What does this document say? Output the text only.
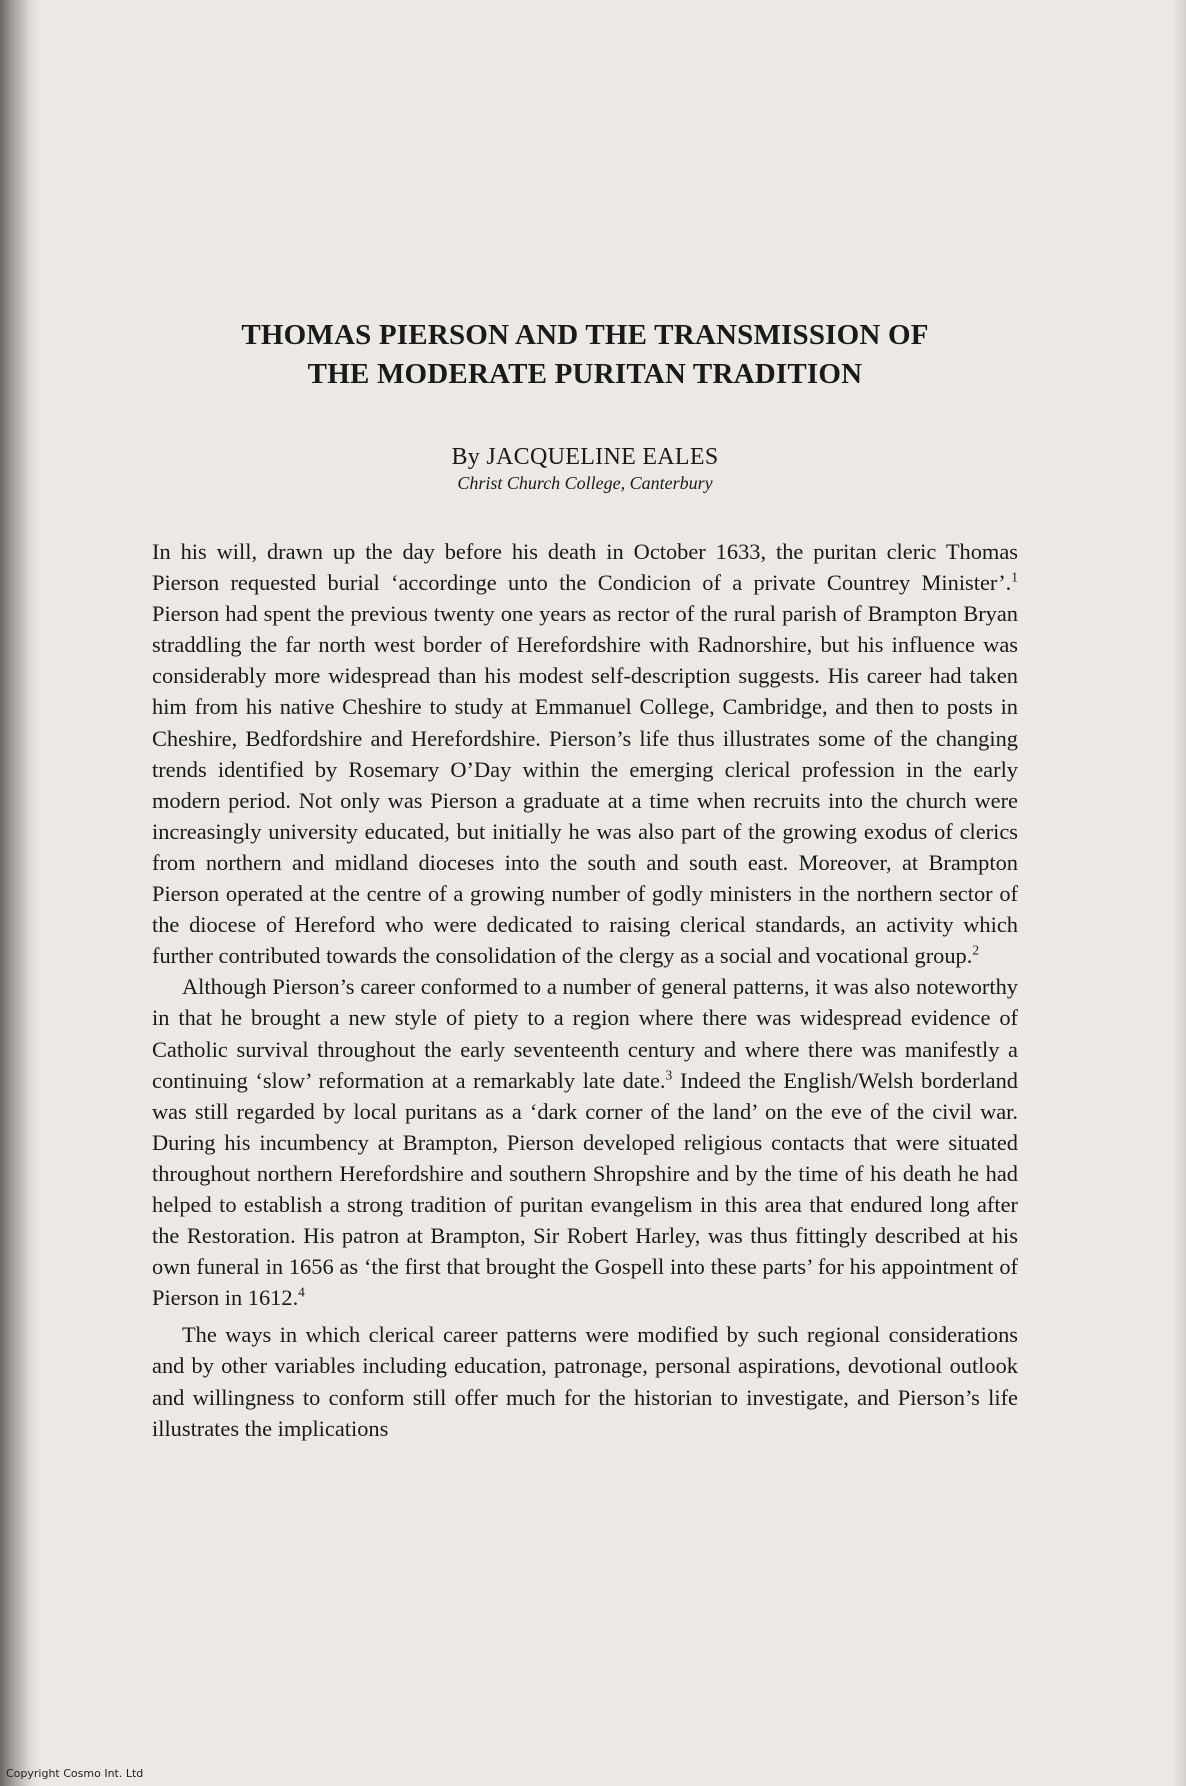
THOMAS PIERSON AND THE TRANSMISSION OF
THE MODERATE PURITAN TRADITION
By JACQUELINE EALES
Christ Church College, Canterbury

In his will, drawn up the day before his death in October 1633, the puritan cleric Thomas Pierson requested burial ‘accordinge unto the Condicion of a private Countrey Minister’.$^1$ Pierson had spent the previous twenty one years as rector of the rural parish of Brampton Bryan straddling the far north west border of Herefordshire with Radnorshire, but his influence was considerably more widespread than his modest self-description suggests. His career had taken him from his native Cheshire to study at Emmanuel College, Cambridge, and then to posts in Cheshire, Bedfordshire and Herefordshire. Pierson’s life thus illustrates some of the changing trends identified by Rosemary O’Day within the emerging clerical profession in the early modern period. Not only was Pierson a graduate at a time when recruits into the church were increasingly university educated, but initially he was also part of the growing exodus of clerics from northern and midland dioceses into the south and south east. Moreover, at Brampton Pierson operated at the centre of a growing number of godly ministers in the northern sector of the diocese of Hereford who were dedicated to raising clerical standards, an activity which further contributed towards the consolidation of the clergy as a social and vocational group.$^2$

Although Pierson’s career conformed to a number of general patterns, it was also noteworthy in that he brought a new style of piety to a region where there was widespread evidence of Catholic survival throughout the early seventeenth century and where there was manifestly a continuing ‘slow’ reformation at a remarkably late date.$^3$ Indeed the English/Welsh borderland was still regarded by local puritans as a ‘dark corner of the land’ on the eve of the civil war. During his incumbency at Brampton, Pierson developed religious contacts that were situated throughout northern Herefordshire and southern Shropshire and by the time of his death he had helped to establish a strong tradition of puritan evangelism in this area that endured long after the Restoration. His patron at Brampton, Sir Robert Harley, was thus fittingly described at his own funeral in 1656 as ‘the first that brought the Gospell into these parts’ for his appointment of Pierson in 1612.$^4$

The ways in which clerical career patterns were modified by such regional considerations and by other variables including education, patronage, personal aspirations, devotional outlook and willingness to conform still offer much for the historian to investigate, and Pierson’s life illustrates the implications

Copyright Cosmo Int. Ltd
